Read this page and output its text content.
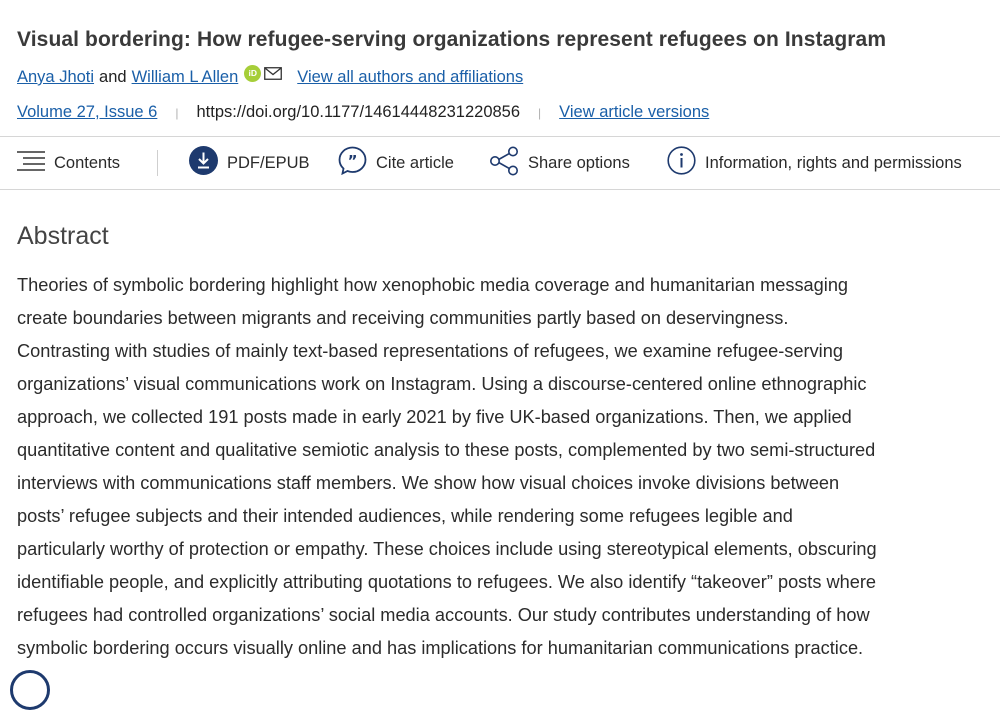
Visual bordering: How refugee-serving organizations represent refugees on Instagram
Anya Jhoti and William L Allen	iD View all authors and affiliations
Volume 27, Issue 6 | https://doi.org/10.1177/14614448231220856 | View article versions
Contents	PDF/EPUB	” Cite article	Share options	Information, rights and permissions
Abstract

Theories of symbolic bordering highlight how xenophobic media coverage and humanitarian messaging
create boundaries between migrants and receiving communities partly based on deservingness.
Contrasting with studies of mainly text-based representations of refugees, we examine refugee-serving
organizations’ visual communications work on Instagram. Using a discourse-centered online ethnographic
approach, we collected 191 posts made in early 2021 by five UK-based organizations. Then, we applied
quantitative content and qualitative semiotic analysis to these posts, complemented by two semi-structured
interviews with communications staff members. We show how visual choices invoke divisions between
posts’ refugee subjects and their intended audiences, while rendering some refugees legible and
particularly worthy of protection or empathy. These choices include using stereotypical elements, obscuring
identifiable people, and explicitly attributing quotations to refugees. We also identify “takeover” posts where
refugees had controlled organizations’ social media accounts. Our study contributes understanding of how
symbolic bordering occurs visually online and has implications for humanitarian communications practice.
